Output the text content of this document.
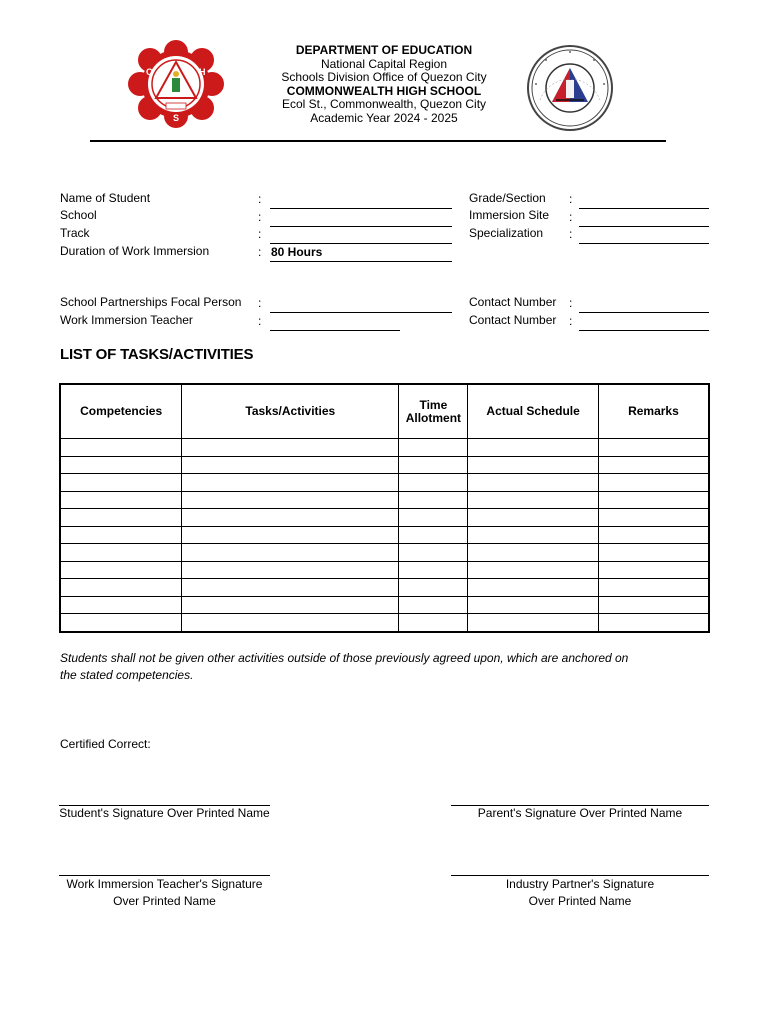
C	H
S
DEPARTMENT OF EDUCATION
National Capital Region
Schools Division Office of Quezon City
COMMONWEALTH HIGH SCHOOL
Ecol St., Commonwealth, Quezon City
Academic Year 2024 - 2025
Name of Student	:
School	:
Track	:
Duration of Work Immersion	: 80 Hours
Grade/Section :
Immersion Site :
Specialization :
School Partnerships Focal Person :
Work Immersion Teacher	:
Contact Number :
Contact Number :
LIST OF TASKS/ACTIVITIES
Competencies	Tasks/Activities	Time Allotment	Actual Schedule	Remarks

Students shall not be given other activities outside of those previously agreed upon, which are anchored on the stated competencies.
Certified Correct:
Student's Signature Over Printed Name	Parent's Signature Over Printed Name
Work Immersion Teacher's Signature
Over Printed Name
Industry Partner's Signature
Over Printed Name
